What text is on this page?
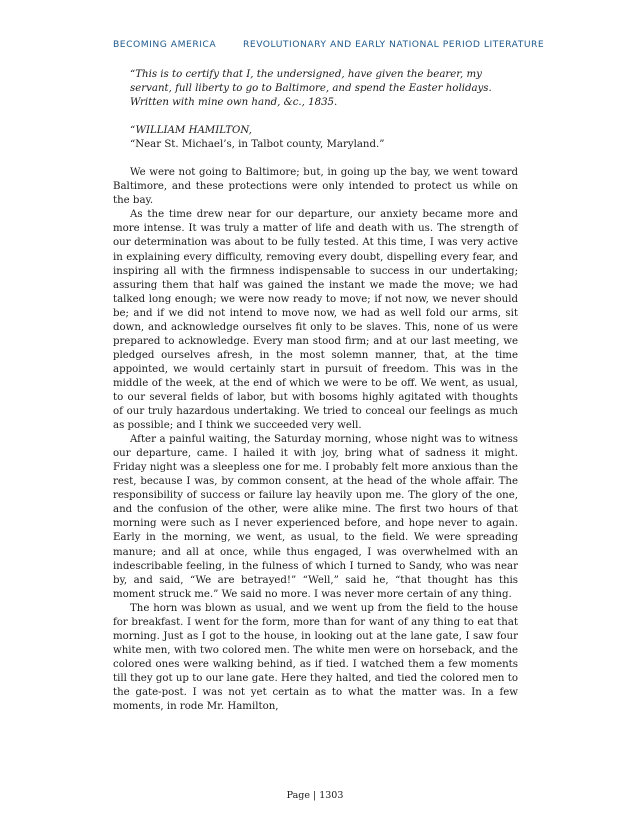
BECOMING AMERICA	REVOLUTIONARY AND EARLY NATIONAL PERIOD LITERATURE

“This is to certify that I, the undersigned, have given the bearer, my servant, full liberty to go to Baltimore, and spend the Easter holidays. Written with mine own hand, &c., 1835.

“WILLIAM HAMILTON,

“Near St. Michael’s, in Talbot county, Maryland.”

We were not going to Baltimore; but, in going up the bay, we went toward Baltimore, and these protections were only intended to protect us while on the bay.

As the time drew near for our departure, our anxiety became more and more intense. It was truly a matter of life and death with us. The strength of our determination was about to be fully tested. At this time, I was very active in explaining every difficulty, removing every doubt, dispelling every fear, and inspiring all with the firmness indispensable to success in our undertaking; assuring them that half was gained the instant we made the move; we had talked long enough; we were now ready to move; if not now, we never should be; and if we did not intend to move now, we had as well fold our arms, sit down, and acknowledge ourselves fit only to be slaves. This, none of us were prepared to acknowledge. Every man stood firm; and at our last meeting, we pledged ourselves afresh, in the most solemn manner, that, at the time appointed, we would certainly start in pursuit of freedom. This was in the middle of the week, at the end of which we were to be off. We went, as usual, to our several fields of labor, but with bosoms highly agitated with thoughts of our truly hazardous undertaking. We tried to conceal our feelings as much as possible; and I think we succeeded very well.

After a painful waiting, the Saturday morning, whose night was to witness our departure, came. I hailed it with joy, bring what of sadness it might. Friday night was a sleepless one for me. I probably felt more anxious than the rest, because I was, by common consent, at the head of the whole affair. The responsibility of success or failure lay heavily upon me. The glory of the one, and the confusion of the other, were alike mine. The first two hours of that morning were such as I never experienced before, and hope never to again. Early in the morning, we went, as usual, to the field. We were spreading manure; and all at once, while thus engaged, I was overwhelmed with an indescribable feeling, in the fulness of which I turned to Sandy, who was near by, and said, “We are betrayed!” “Well,” said he, “that thought has this moment struck me.” We said no more. I was never more certain of any thing.

The horn was blown as usual, and we went up from the field to the house for breakfast. I went for the form, more than for want of any thing to eat that morning. Just as I got to the house, in looking out at the lane gate, I saw four white men, with two colored men. The white men were on horseback, and the colored ones were walking behind, as if tied. I watched them a few moments till they got up to our lane gate. Here they halted, and tied the colored men to the gate-post. I was not yet certain as to what the matter was. In a few moments, in rode Mr. Hamilton,

Page | 1303
